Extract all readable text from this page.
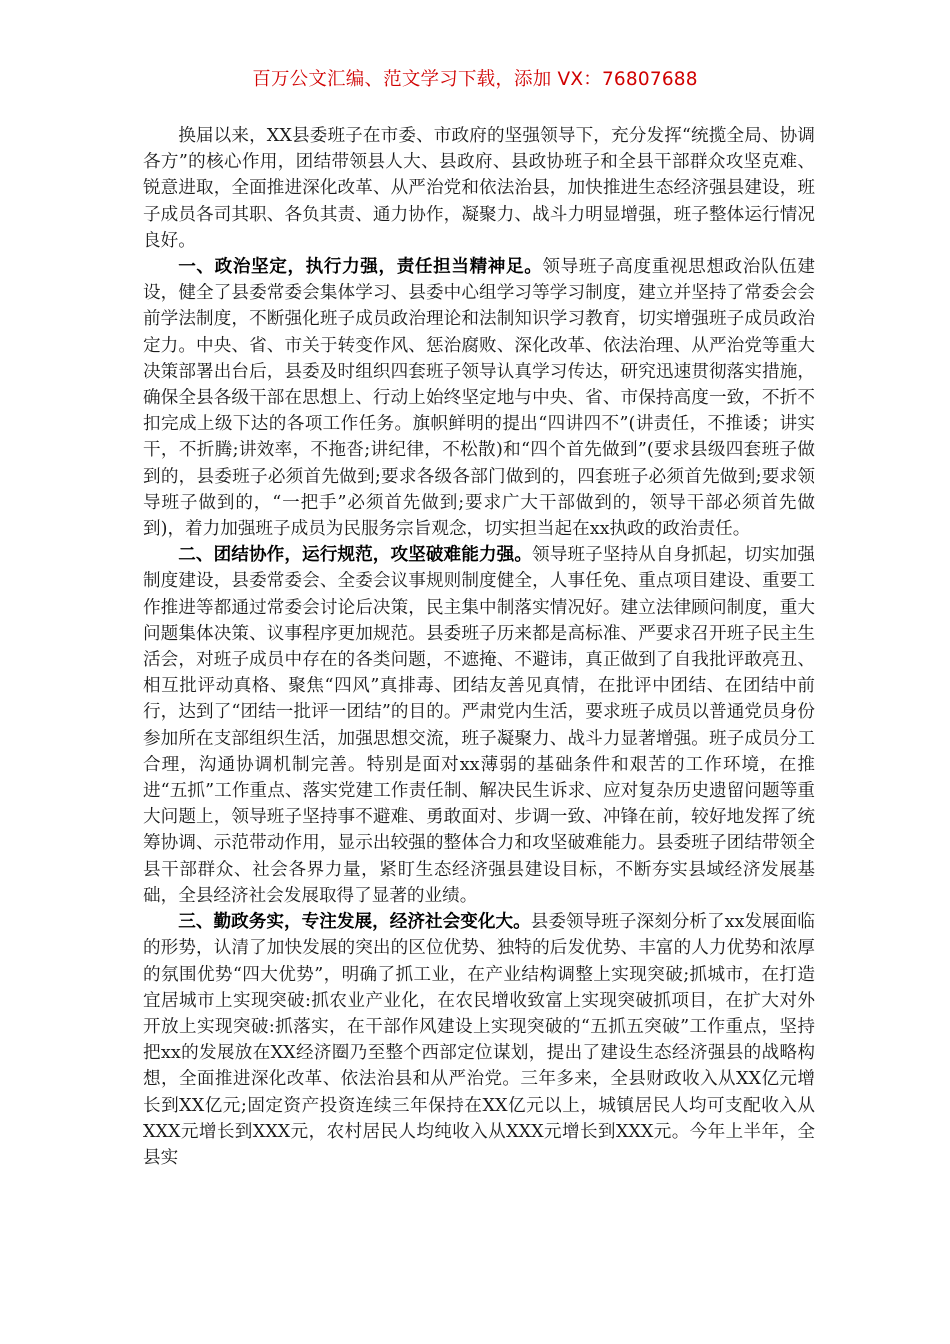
百万公文汇编、范文学习下载，添加 VX：76807688

换届以来，XX县委班子在市委、市政府的坚强领导下，充分发挥“统揽全局、协调各方”的核心作用，团结带领县人大、县政府、县政协班子和全县干部群众攻坚克难、锐意进取，全面推进深化改革、从严治党和依法治县，加快推进生态经济强县建设，班子成员各司其职、各负其责、通力协作，凝聚力、战斗力明显增强，班子整体运行情况良好。

一、政治坚定，执行力强，责任担当精神足。领导班子高度重视思想政治队伍建设，健全了县委常委会集体学习、县委中心组学习等学习制度，建立并坚持了常委会会前学法制度，不断强化班子成员政治理论和法制知识学习教育，切实增强班子成员政治定力。中央、省、市关于转变作风、惩治腐败、深化改革、依法治理、从严治党等重大决策部署出台后，县委及时组织四套班子领导认真学习传达，研究迅速贯彻落实措施，确保全县各级干部在思想上、行动上始终坚定地与中央、省、市保持高度一致，不折不扣完成上级下达的各项工作任务。旗帜鲜明的提出“四讲四不”(讲责任，不推诿；讲实干，不折腾;讲效率，不拖沓;讲纪律，不松散)和“四个首先做到”(要求县级四套班子做到的，县委班子必须首先做到;要求各级各部门做到的，四套班子必须首先做到;要求领导班子做到的，“一把手”必须首先做到;要求广大干部做到的，领导干部必须首先做到)，着力加强班子成员为民服务宗旨观念，切实担当起在xx执政的政治责任。

二、团结协作，运行规范，攻坚破难能力强。领导班子坚持从自身抓起，切实加强制度建设，县委常委会、全委会议事规则制度健全，人事任免、重点项目建设、重要工作推进等都通过常委会讨论后决策，民主集中制落实情况好。建立法律顾问制度，重大问题集体决策、议事程序更加规范。县委班子历来都是高标准、严要求召开班子民主生活会，对班子成员中存在的各类问题，不遮掩、不避讳，真正做到了自我批评敢亮丑、相互批评动真格、聚焦“四风”真排毒、团结友善见真情，在批评中团结、在团结中前行，达到了“团结一批评一团结”的目的。严肃党内生活，要求班子成员以普通党员身份参加所在支部组织生活，加强思想交流，班子凝聚力、战斗力显著增强。班子成员分工合理，沟通协调机制完善。特别是面对xx薄弱的基础条件和艰苦的工作环境，在推进“五抓”工作重点、落实党建工作责任制、解决民生诉求、应对复杂历史遗留问题等重大问题上，领导班子坚持事不避难、勇敢面对、步调一致、冲锋在前，较好地发挥了统筹协调、示范带动作用，显示出较强的整体合力和攻坚破难能力。县委班子团结带领全县干部群众、社会各界力量，紧盯生态经济强县建设目标，不断夯实县域经济发展基础，全县经济社会发展取得了显著的业绩。

三、勤政务实，专注发展，经济社会变化大。县委领导班子深刻分析了xx发展面临的形势，认清了加快发展的突出的区位优势、独特的后发优势、丰富的人力优势和浓厚的氛围优势“四大优势”，明确了抓工业，在产业结构调整上实现突破;抓城市，在打造宜居城市上实现突破:抓农业产业化，在农民增收致富上实现突破抓项目，在扩大对外开放上实现突破:抓落实，在干部作风建设上实现突破的“五抓五突破”工作重点，坚持把xx的发展放在XX经济圈乃至整个西部定位谋划，提出了建设生态经济强县的战略构想，全面推进深化改革、依法治县和从严治党。三年多来，全县财政收入从XX亿元增长到XX亿元;固定资产投资连续三年保持在XX亿元以上，城镇居民人均可支配收入从XXX元增长到XXX元，农村居民人均纯收入从XXX元增长到XXX元。今年上半年，全县实
